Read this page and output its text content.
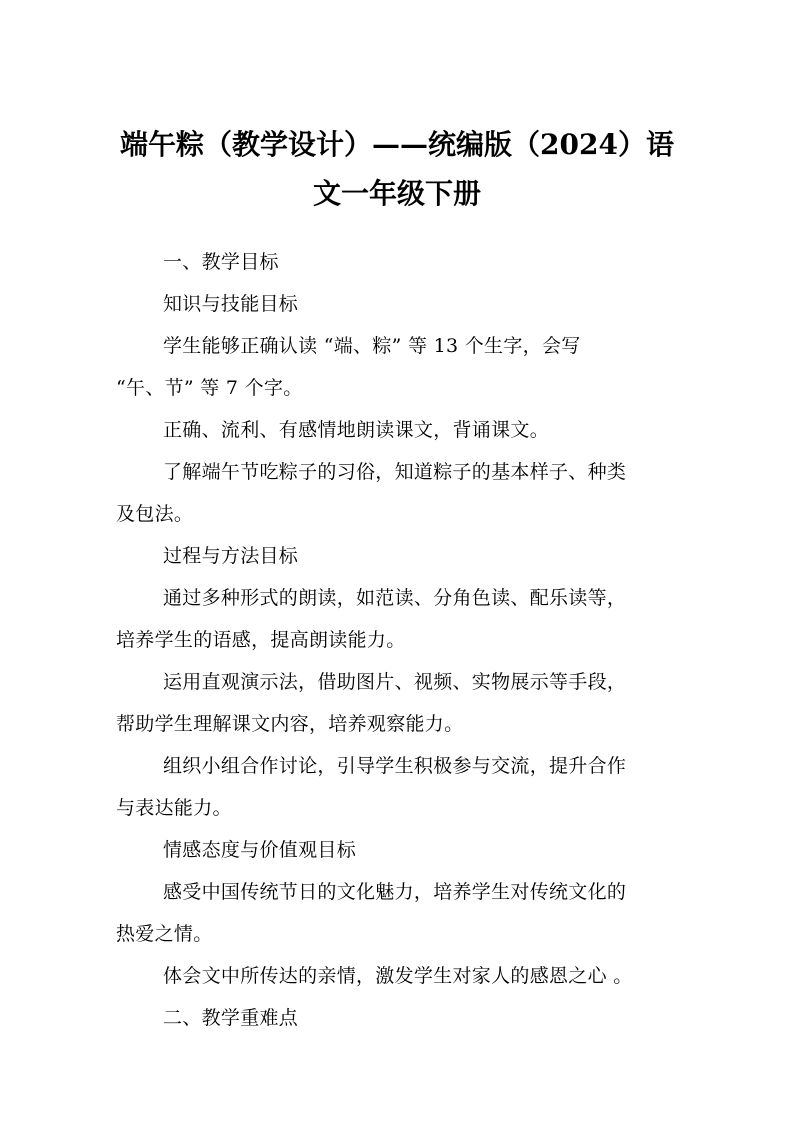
端午粽（教学设计）——统编版（2024）语
文一年级下册
一、教学目标
知识与技能目标
学生能够正确认读 “端、粽” 等 13 个生字，会写
“午、节” 等 7 个字。
正确、流利、有感情地朗读课文，背诵课文。
了解端午节吃粽子的习俗，知道粽子的基本样子、种类
及包法。
过程与方法目标
通过多种形式的朗读，如范读、分角色读、配乐读等，
培养学生的语感，提高朗读能力。
运用直观演示法，借助图片、视频、实物展示等手段，
帮助学生理解课文内容，培养观察能力。
组织小组合作讨论，引导学生积极参与交流，提升合作
与表达能力。
情感态度与价值观目标
感受中国传统节日的文化魅力，培养学生对传统文化的
热爱之情。
体会文中所传达的亲情，激发学生对家人的感恩之心 。
二、教学重难点
